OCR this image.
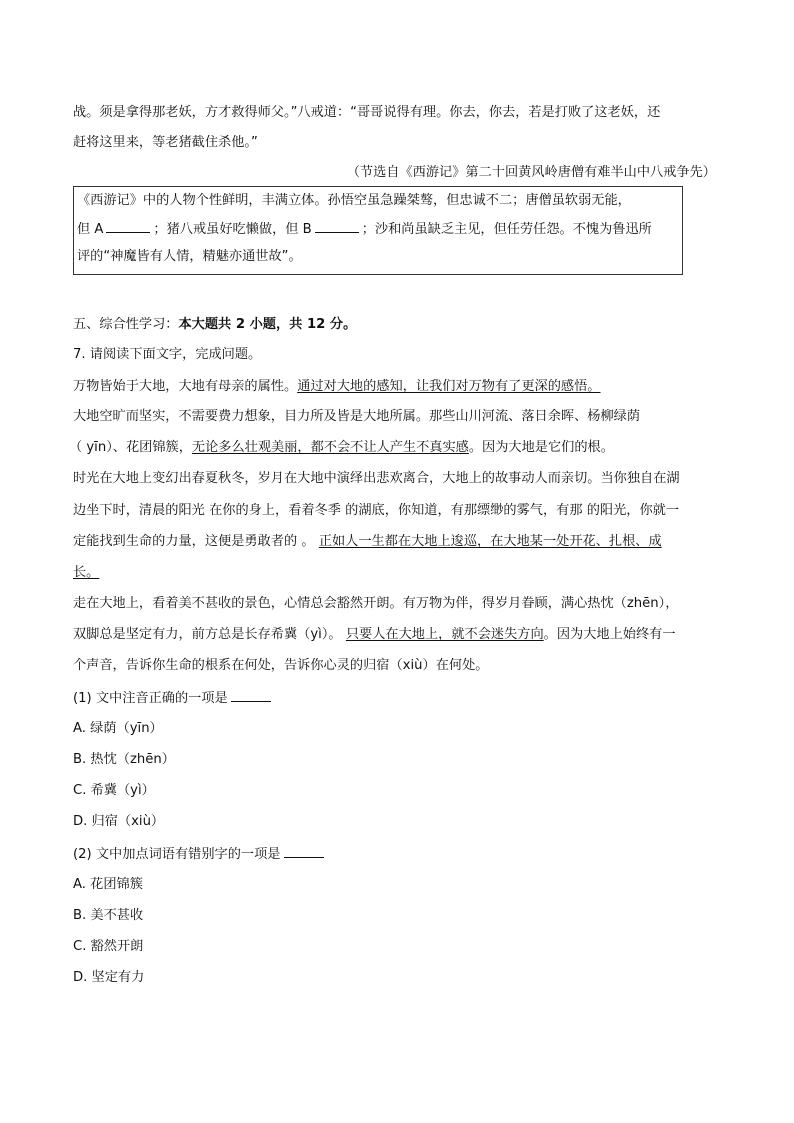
战。须是拿得那老妖，方才救得师父。”八戒道：“哥哥说得有理。你去，你去，若是打败了这老妖，还
赶将这里来，等老猪截住杀他。”
（节选自《西游记》第二十回黄风岭唐僧有难半山中八戒争先）
《西游记》中的人物个性鲜明，丰满立体。孙悟空虽急躁桀骜，但忠诚不二；唐僧虽软弱无能，
但 A	；猪八戒虽好吃懒做，但 B	；沙和尚虽缺乏主见，但任劳任怨。不愧为鲁迅所
评的“神魔皆有人情，精魅亦通世故”。
五、综合性学习：本大题共 2 小题，共 12 分。
7. 请阅读下面文字，完成问题。
万物皆始于大地，大地有母亲的属性。通过对大地的感知，让我们对万物有了更深的感悟。
大地空旷而坚实，不需要费力想象，目力所及皆是大地所属。那些山川河流、落日余晖、杨柳绿荫
（ yīn）、花团锦簇，无论多么壮观美丽，都不会不让人产生不真实感。因为大地是它们的根。
时光在大地上变幻出春夏秋冬，岁月在大地中演绎出悲欢离合，大地上的故事动人而亲切。当你独自在湖
边坐下时，清晨的阳光 在你的身上，看着冬季 的湖底，你知道，有那缥缈的雾气，有那 的阳光，你就一
定能找到生命的力量，这便是勇敢者的 。 正如人一生都在大地上逡巡，在大地某一处开花、扎根、成
长。
走在大地上，看着美不甚收的景色，心情总会豁然开朗。有万物为伴，得岁月眷顾，满心热忱（zhēn），
双脚总是坚定有力，前方总是长存希冀（yì）。 只要人在大地上，就不会迷失方向。因为大地上始终有一
个声音，告诉你生命的根系在何处，告诉你心灵的归宿（xiù）在何处。
(1) 文中注音正确的一项是
A. 绿荫（yīn）
B. 热忱（zhēn）
C. 希冀（yì）
D. 归宿（xiù）
(2) 文中加点词语有错别字的一项是
A. 花团锦簇
B. 美不甚收
C. 豁然开朗
D. 坚定有力
